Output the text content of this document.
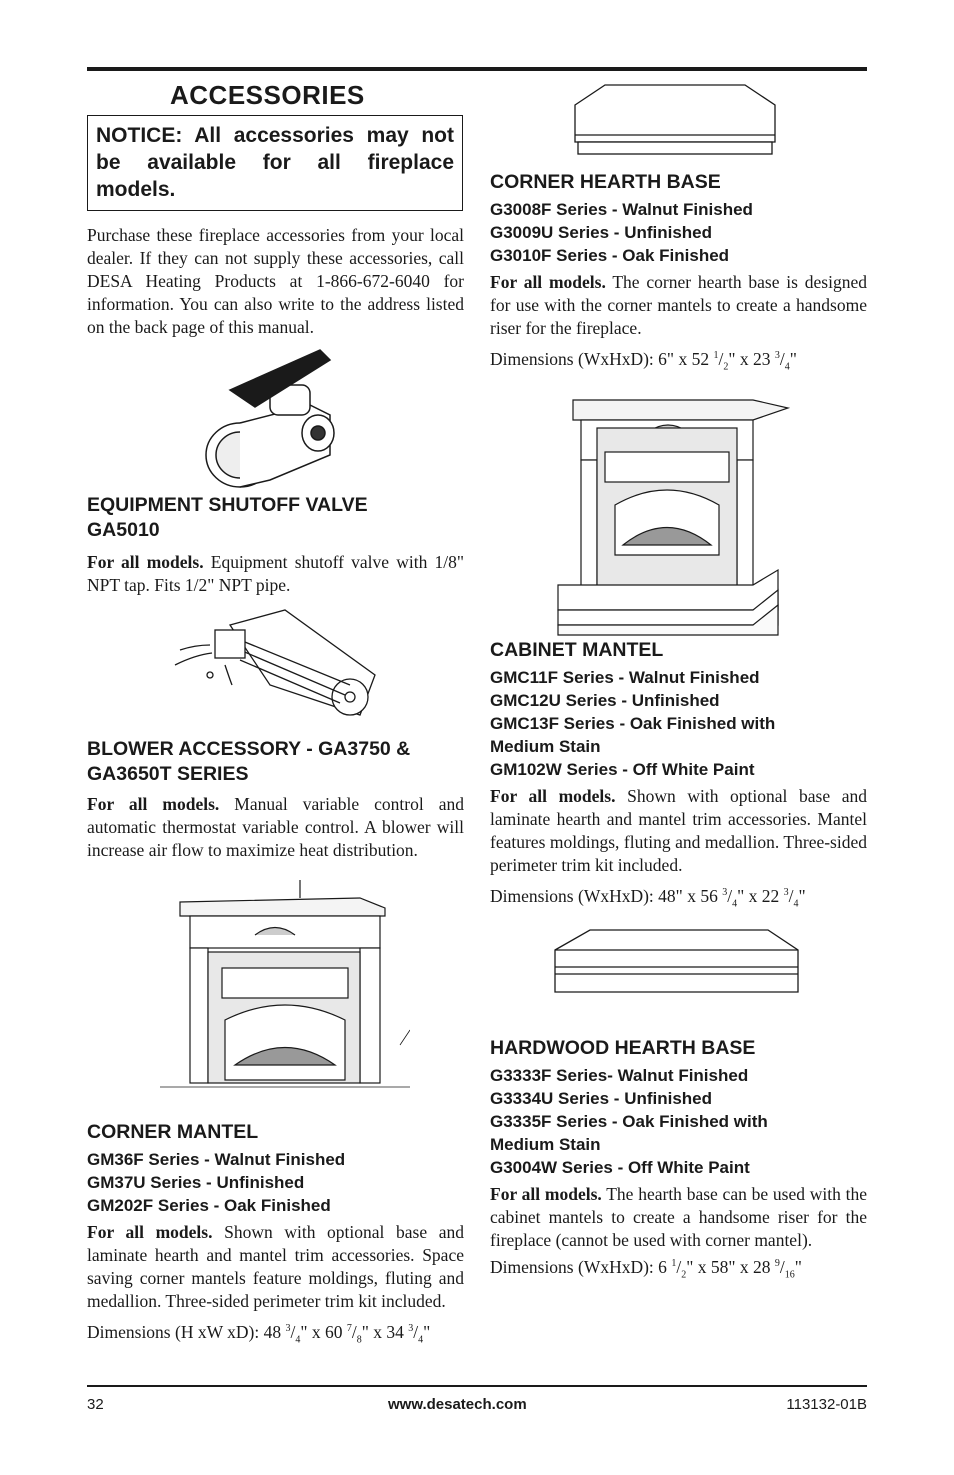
ACCESSORIES
NOTICE: All accessories may not be available for all fireplace models.

Purchase these fireplace accessories from your local dealer. If they can not supply these accessories, call DESA Heating Products at 1-866-672-6040 for information. You can also write to the address listed on the back page of this manual.

EQUIPMENT SHUTOFF VALVE

GA5010

For all models. Equipment shutoff valve with 1/8" NPT tap. Fits 1/2" NPT pipe.

BLOWER ACCESSORY - GA3750 &

GA3650T SERIES

For all models. Manual variable control and automatic thermostat variable control. A blower will increase air flow to maximize heat distribution.

CORNER MANTEL

GM36F Series - Walnut Finished

GM37U Series - Unfinished

GM202F Series - Oak Finished

For all models. Shown with optional base and laminate hearth and mantel trim accessories. Space saving corner mantels feature moldings, fluting and medallion. Three-sided perimeter trim kit included.

Dimensions (H xW xD): 48 $^3/_4$" x 60 $^7/_8$" x 34 $^3/_4$"

CORNER HEARTH BASE

G3008F Series - Walnut Finished

G3009U Series - Unfinished

G3010F Series - Oak Finished

For all models. The corner hearth base is designed for use with the corner mantels to create a handsome riser for the fireplace.

Dimensions (WxHxD): 6" x 52 $^1/_2$" x 23 $^3/_4$"

CABINET MANTEL

GMC11F Series - Walnut Finished

GMC12U Series - Unfinished

GMC13F Series - Oak Finished with

Medium Stain

GM102W Series - Off White Paint

For all models. Shown with optional base and laminate hearth and mantel trim accessories. Mantel features moldings, fluting and medallion. Three-sided perimeter trim kit included.

Dimensions (WxHxD): 48" x 56 $^3/_4$" x 22 $^3/_4$"

HARDWOOD HEARTH BASE

G3333F Series- Walnut Finished

G3334U Series - Unfinished

G3335F Series - Oak Finished with

Medium Stain

G3004W Series - Off White Paint

For all models. The hearth base can be used with the cabinet mantels to create a handsome riser for the fireplace (cannot be used with corner mantel).

Dimensions (WxHxD): 6 $^1/_2$" x 58" x 28 $^9/_{16}$"

32	www.desatech.com	113132-01B
